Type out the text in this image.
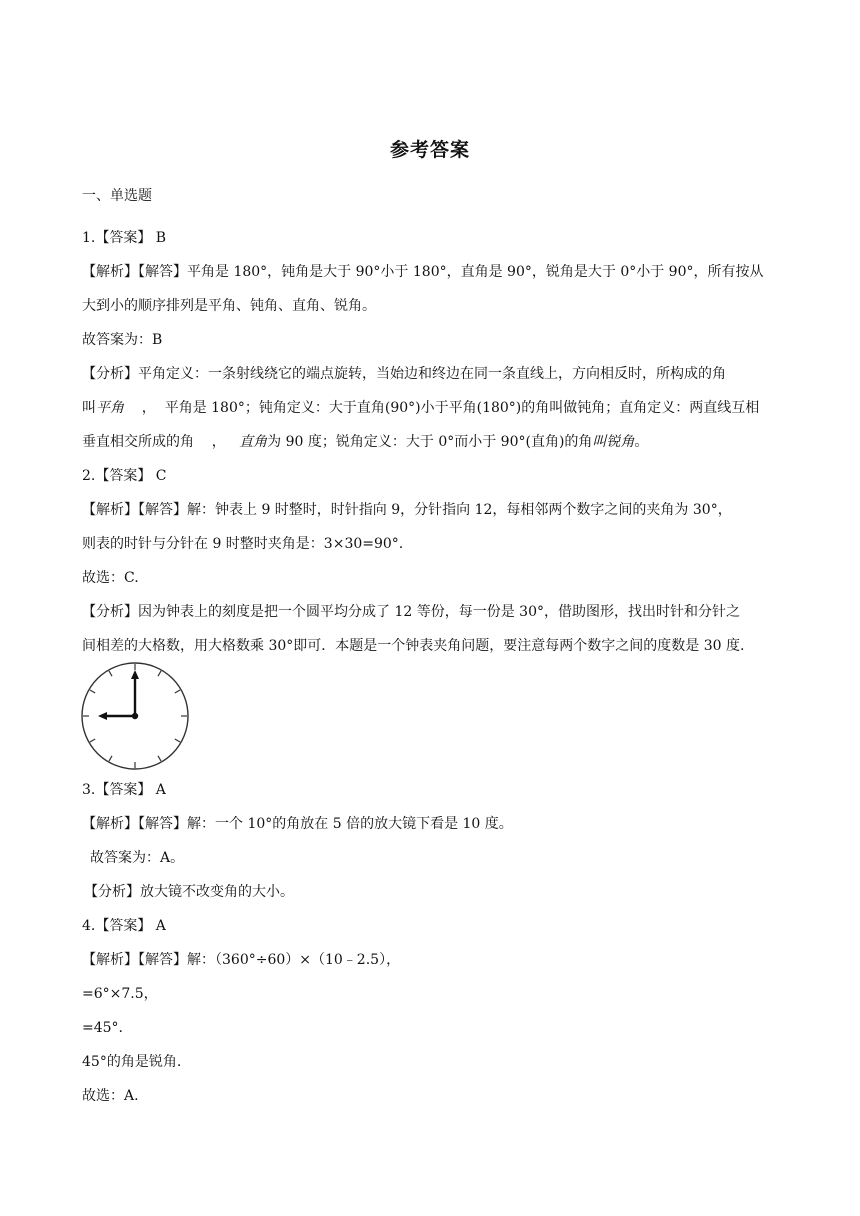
参考答案
一、单选题
1.【答案】 B
【解析】【解答】平角是 180°，钝角是大于 90°小于 180°，直角是 90°，锐角是大于 0°小于 90°，所有按从
大到小的顺序排列是平角、钝角、直角、锐角。
故答案为：B
【分析】平角定义：一条射线绕它的端点旋转，当始边和终边在同一条直线上，方向相反时，所构成的角
叫平角    ，  平角是 180°；钝角定义：大于直角(90°)小于平角(180°)的角叫做钝角；直角定义：两直线互相
垂直相交所成的角    ，   直角为 90 度；锐角定义：大于 0°而小于 90°(直角)的角叫锐角。
2.【答案】 C
【解析】【解答】解：钟表上 9 时整时，时针指向 9，分针指向 12，每相邻两个数字之间的夹角为 30°，
则表的时针与分针在 9 时整时夹角是：3×30=90°.
故选：C.
【分析】因为钟表上的刻度是把一个圆平均分成了 12 等份，每一份是 30°，借助图形，找出时针和分针之
间相差的大格数，用大格数乘 30°即可．本题是一个钟表夹角问题，要注意每两个数字之间的度数是 30 度.
3.【答案】 A
【解析】【解答】解：一个 10°的角放在 5 倍的放大镜下看是 10 度。
故答案为：A。
【分析】放大镜不改变角的大小。
4.【答案】 A
【解析】【解答】解：（360°÷60）×（10﹣2.5），
=6°×7.5，
=45°.
45°的角是锐角.
故选：A.
